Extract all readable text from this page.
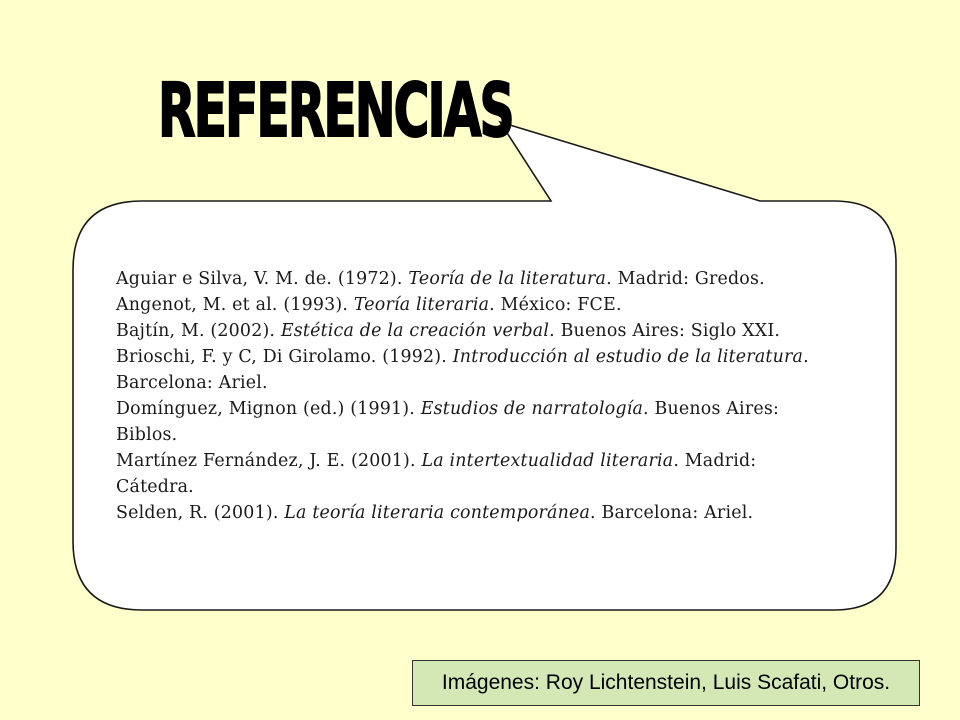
REFERENCIAS
Aguiar e Silva, V. M. de. (1972). Teoría de la literatura. Madrid: Gredos.
Angenot, M. et al. (1993). Teoría literaria. México: FCE.
Bajtín, M. (2002). Estética de la creación verbal. Buenos Aires: Siglo XXI.
Brioschi, F. y C, Di Girolamo. (1992). Introducción al estudio de la literatura. Barcelona: Ariel.
Domínguez, Mignon (ed.) (1991). Estudios de narratología. Buenos Aires: Biblos.
Martínez Fernández, J. E. (2001). La intertextualidad literaria. Madrid: Cátedra.
Selden, R. (2001). La teoría literaria contemporánea. Barcelona: Ariel.
Imágenes: Roy Lichtenstein, Luis Scafati, Otros.
